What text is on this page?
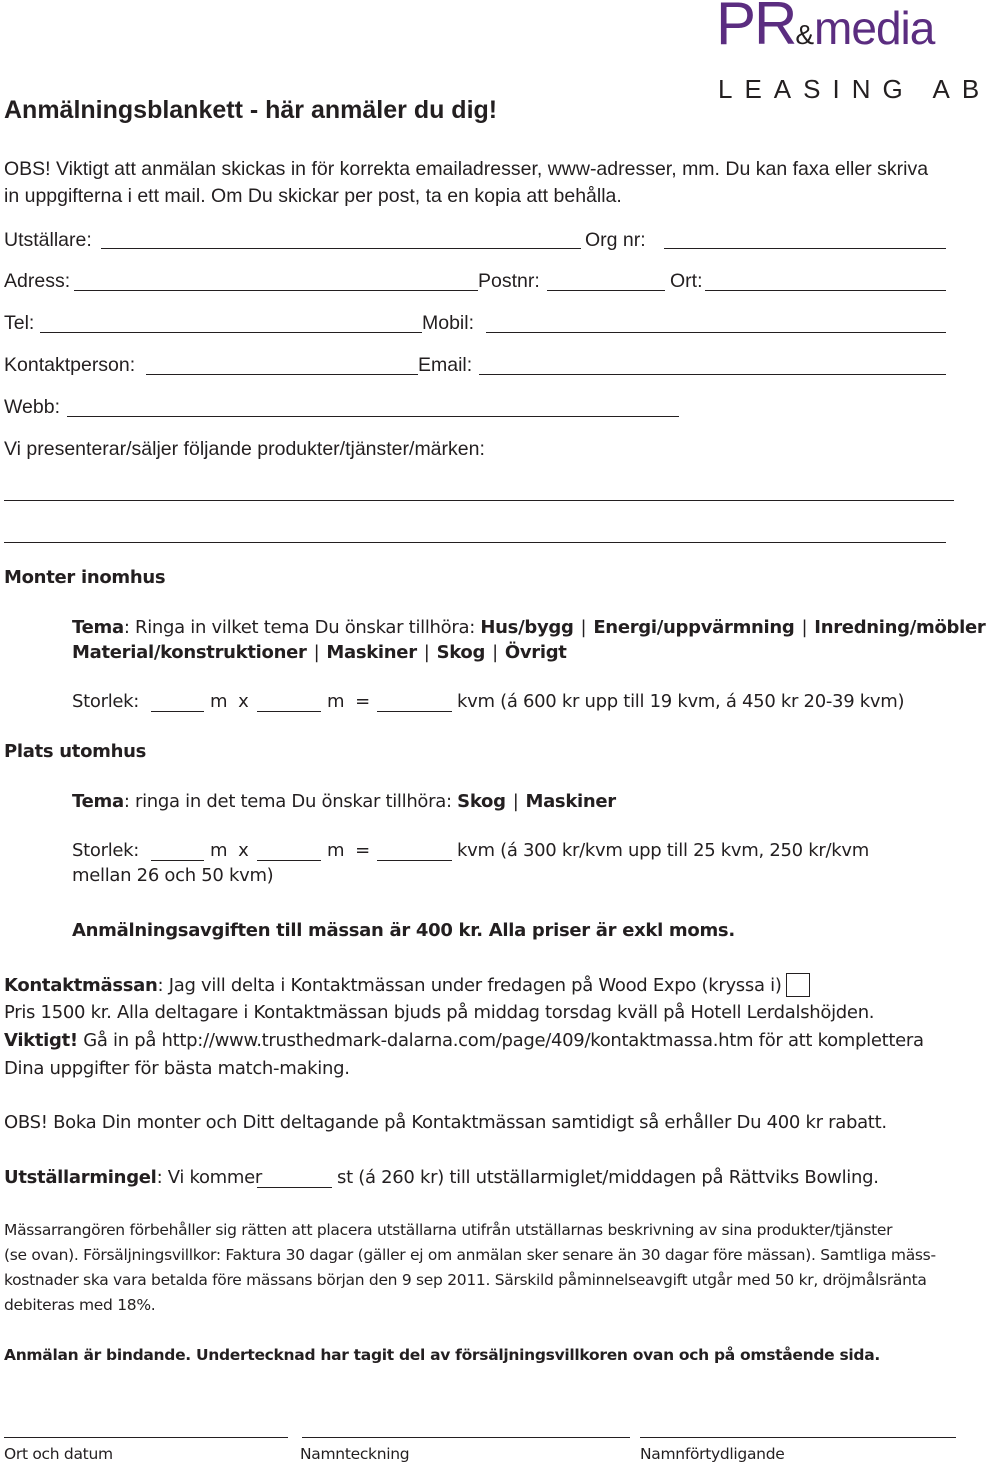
PR&media
LEASING AB
Anmälningsblankett - här anmäler du dig!
OBS! Viktigt att anmälan skickas in för korrekta emailadresser, www-adresser, mm. Du kan faxa eller skriva
in uppgifterna i ett mail. Om Du skickar per post, ta en kopia att behålla.
Utställare:	Org nr:
Adress:	Postnr:	Ort:
Tel:	Mobil:
Kontaktperson:	Email:
Webb:
Vi presenterar/säljer följande produkter/tjänster/märken:
Monter inomhus
Tema: Ringa in vilket tema Du önskar tillhöra: Hus/bygg | Energi/uppvärmning | Inredning/möbler
Material/konstruktioner | Maskiner | Skog | Övrigt
Storlek:	m  x	m  =	kvm (á 600 kr upp till 19 kvm, á 450 kr 20-39 kvm)
Plats utomhus
Tema: ringa in det tema Du önskar tillhöra: Skog | Maskiner
Storlek:	m  x	m  =	kvm (á 300 kr/kvm upp till 25 kvm, 250 kr/kvm
mellan 26 och 50 kvm)
Anmälningsavgiften till mässan är 400 kr. Alla priser är exkl moms.
Kontaktmässan: Jag vill delta i Kontaktmässan under fredagen på Wood Expo (kryssa i)
Pris 1500 kr. Alla deltagare i Kontaktmässan bjuds på middag torsdag kväll på Hotell Lerdalshöjden.
Viktigt! Gå in på http://www.trusthedmark-dalarna.com/page/409/kontaktmassa.htm för att komplettera
Dina uppgifter för bästa match-making.
OBS! Boka Din monter och Ditt deltagande på Kontaktmässan samtidigt så erhåller Du 400 kr rabatt.
Utställarmingel: Vi kommer	st (á 260 kr) till utställarmiglet/middagen på Rättviks Bowling.
Mässarrangören förbehåller sig rätten att placera utställarna utifrån utställarnas beskrivning av sina produkter/tjänster
(se ovan). Försäljningsvillkor: Faktura 30 dagar (gäller ej om anmälan sker senare än 30 dagar före mässan). Samtliga mäss-
kostnader ska vara betalda före mässans början den 9 sep 2011. Särskild påminnelseavgift utgår med 50 kr, dröjmålsränta
debiteras med 18%.
Anmälan är bindande. Undertecknad har tagit del av försäljningsvillkoren ovan och på omstående sida.
Ort och datum	Namnteckning	Namnförtydligande
